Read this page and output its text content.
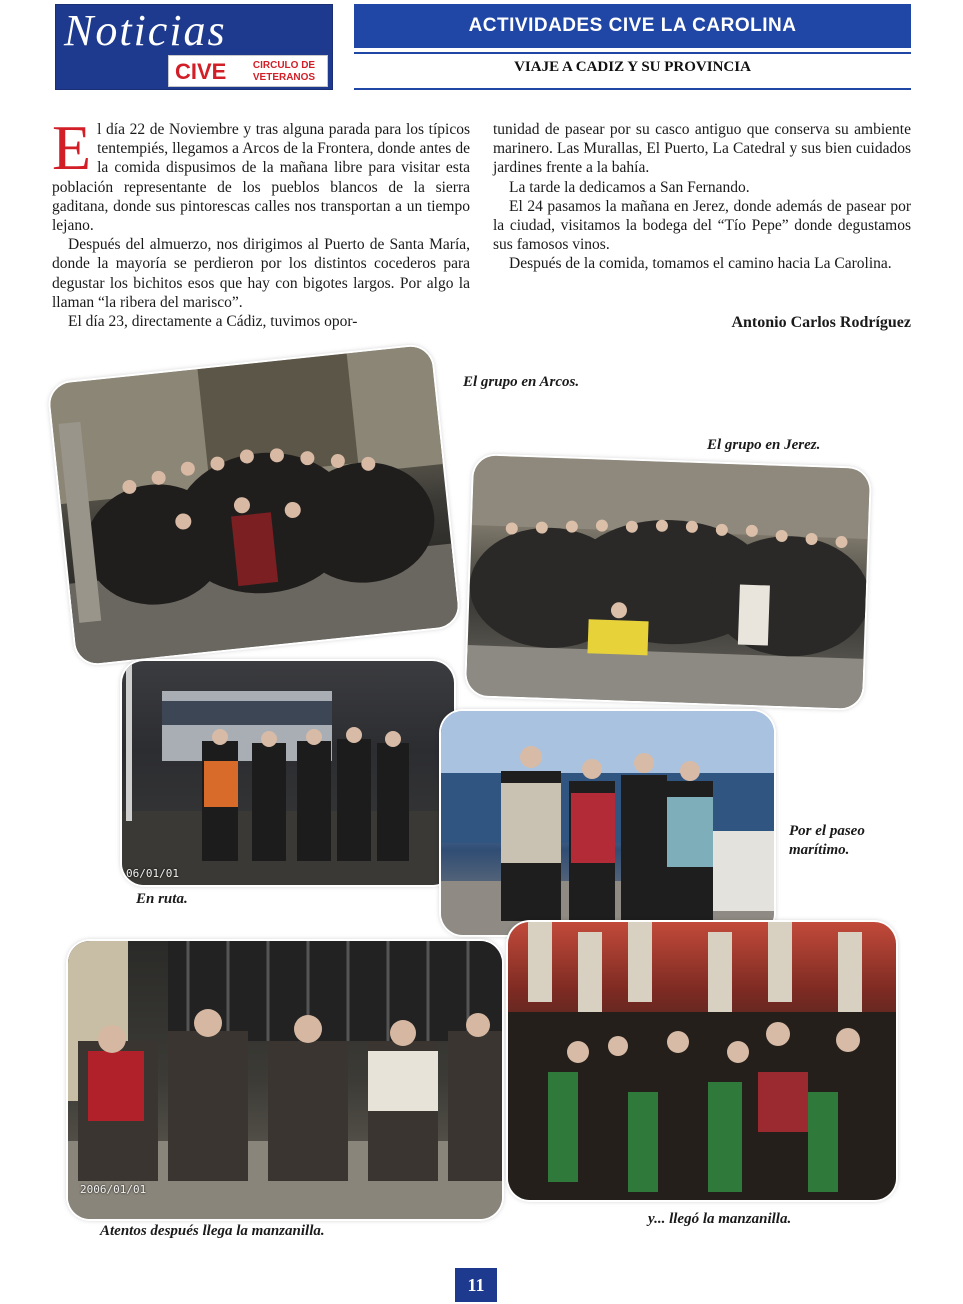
Noticias
CIVE	CIRCULO DE VETERANOS
ACTIVIDADES CIVE LA CAROLINA
VIAJE A CADIZ Y SU PROVINCIA

El día 22 de Noviembre y tras alguna parada para los típicos tentempiés, llegamos a Arcos de la Frontera, donde antes de la comida dispusimos de la mañana libre para visitar esta población representante de los pueblos blancos de la sierra gaditana, donde sus pintorescas calles nos transportan a un tiempo lejano.

Después del almuerzo, nos dirigimos al Puerto de Santa María, donde la mayoría se perdieron por los distintos cocederos para degustar los bichitos esos que hay con bigotes largos. Por algo la llaman “la ribera del marisco”.

El día 23, directamente a Cádiz, tuvimos opor-

tunidad de pasear por su casco antiguo que conserva su ambiente marinero. Las Murallas, El Puerto, La Catedral y sus bien cuidados jardines frente a la bahía.

La tarde la dedicamos a San Fernando.

El 24 pasamos la mañana en Jerez, donde además de pasear por la ciudad, visitamos la bodega del “Tío Pepe” donde degustamos sus famosos vinos.

Después de la comida, tomamos el camino hacia La Carolina.

Antonio Carlos Rodríguez
El grupo en Arcos.
El grupo en Jerez.
06/01/01
En ruta.
Por el paseo
marítimo.
2006/01/01
Atentos después llega la manzanilla.
y... llegó la manzanilla.
11
